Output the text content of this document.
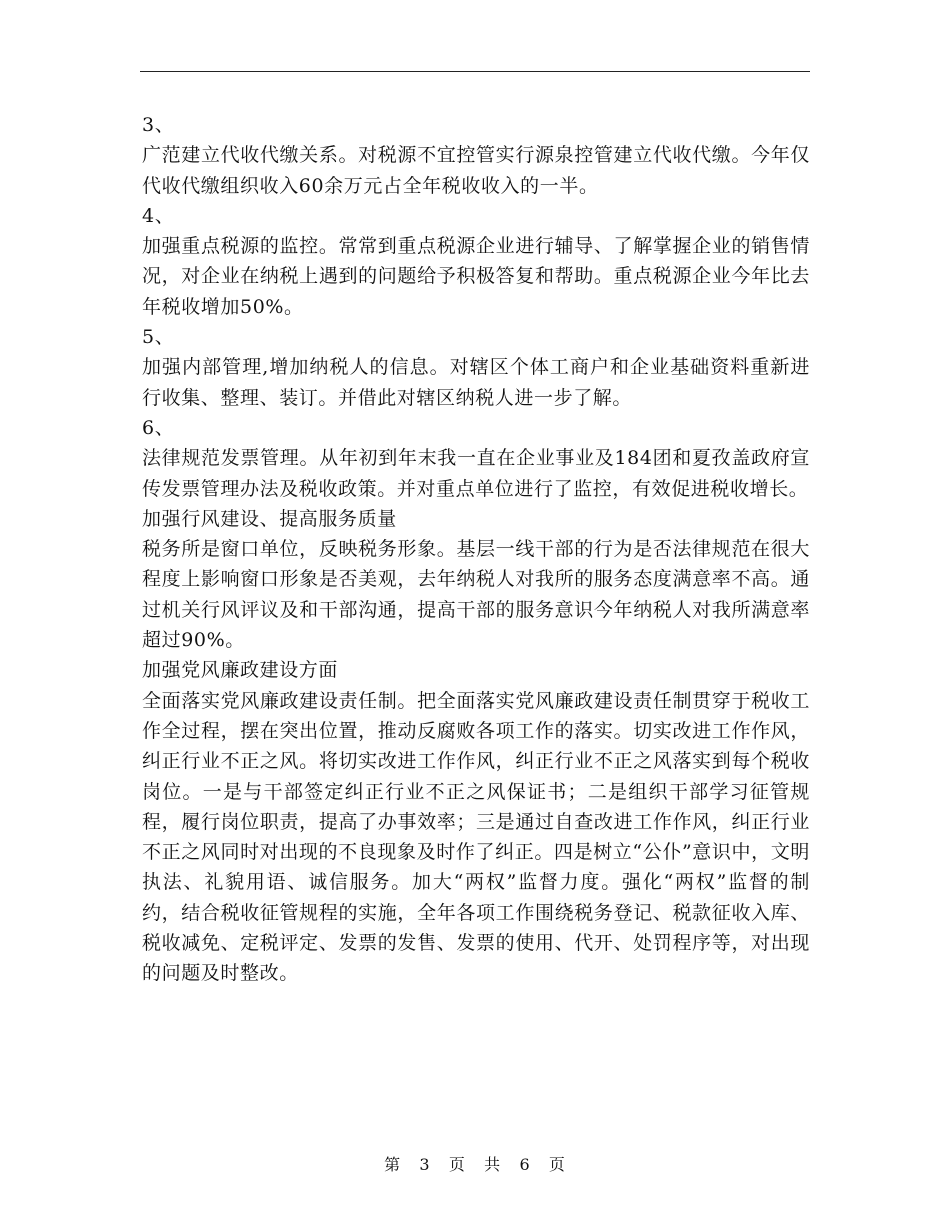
3、

广范建立代收代缴关系。对税源不宜控管实行源泉控管建立代收代缴。今年仅代收代缴组织收入60余万元占全年税收收入的一半。

4、

加强重点税源的监控。常常到重点税源企业进行辅导、了解掌握企业的销售情况，对企业在纳税上遇到的问题给予积极答复和帮助。重点税源企业今年比去年税收增加50%。

5、

加强内部管理,增加纳税人的信息。对辖区个体工商户和企业基础资料重新进行收集、整理、装订。并借此对辖区纳税人进一步了解。

6、

法律规范发票管理。从年初到年末我一直在企业事业及184团和夏孜盖政府宣传发票管理办法及税收政策。并对重点单位进行了监控，有效促进税收增长。

加强行风建设、提高服务质量

税务所是窗口单位，反映税务形象。基层一线干部的行为是否法律规范在很大程度上影响窗口形象是否美观，去年纳税人对我所的服务态度满意率不高。通过机关行风评议及和干部沟通，提高干部的服务意识今年纳税人对我所满意率超过90%。

加强党风廉政建设方面

全面落实党风廉政建设责任制。把全面落实党风廉政建设责任制贯穿于税收工作全过程，摆在突出位置，推动反腐败各项工作的落实。切实改进工作作风，纠正行业不正之风。将切实改进工作作风，纠正行业不正之风落实到每个税收岗位。一是与干部签定纠正行业不正之风保证书；二是组织干部学习征管规程，履行岗位职责，提高了办事效率；三是通过自查改进工作作风，纠正行业不正之风同时对出现的不良现象及时作了纠正。四是树立“公仆”意识中，文明执法、礼貌用语、诚信服务。加大“两权”监督力度。强化“两权”监督的制约，结合税收征管规程的实施，全年各项工作围绕税务登记、税款征收入库、税收减免、定税评定、发票的发售、发票的使用、代开、处罚程序等，对出现的问题及时整改。

第 3 页 共 6 页
